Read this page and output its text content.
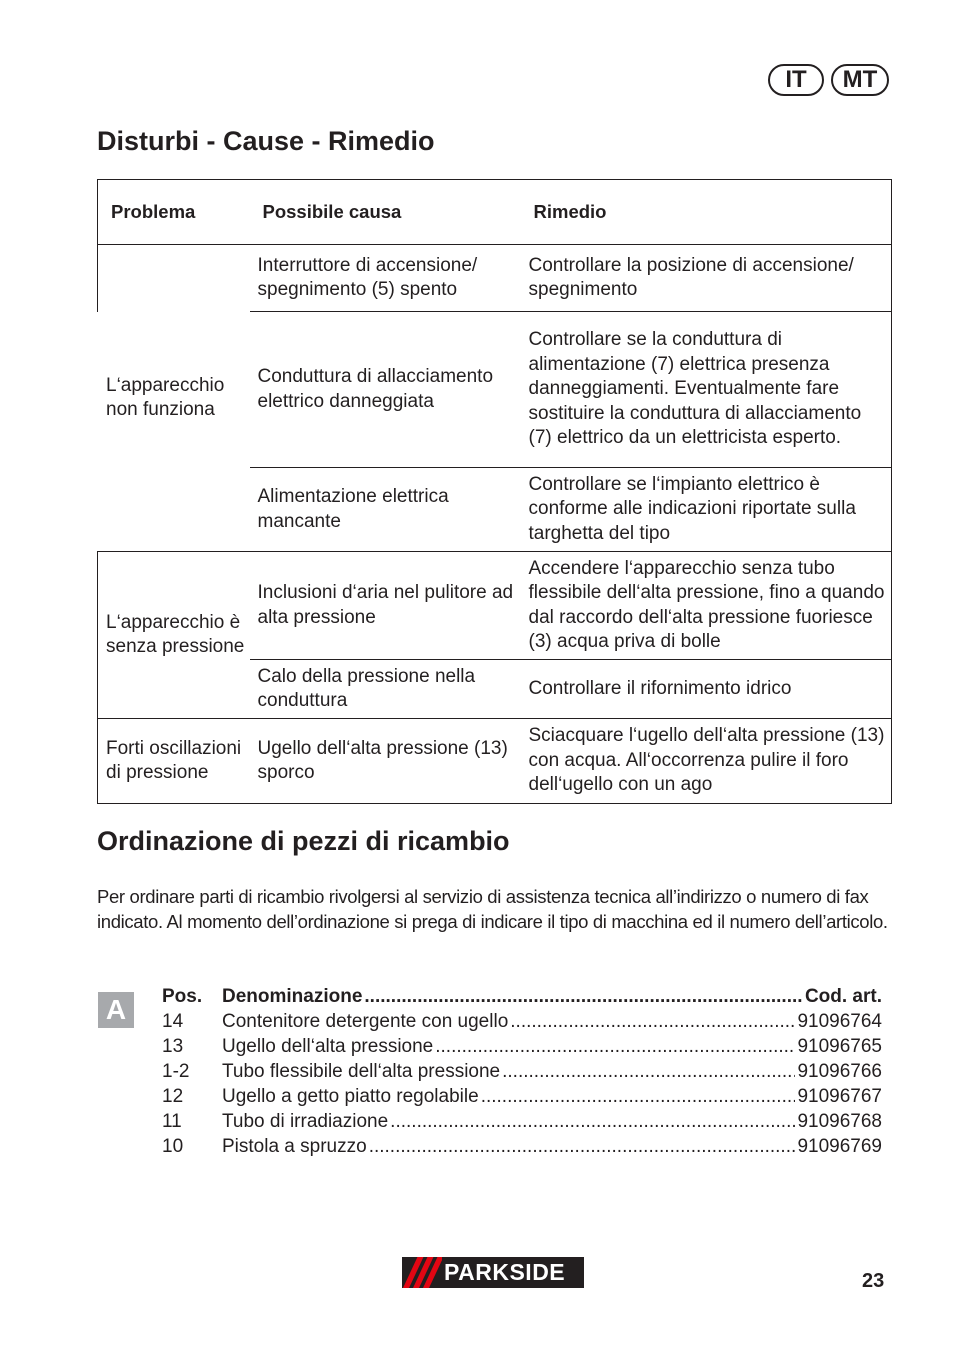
IT	MT
Disturbi - Cause - Rimedio
Problema	Possibile causa	Rimedio
L‘apparecchio non funziona	Interruttore di accensione/ spegnimento (5) spento	Controllare la posizione di accensione/ spegnimento
	Conduttura di allacciamento elettrico danneggiata	Controllare se la conduttura di alimentazione (7) elettrica presenza danneggiamenti. Eventualmente fare sostituire la conduttura di allacciamento (7) elettrico da un elettricista esperto.
	Alimentazione elettrica mancante	Controllare se l‘impianto elettrico è conforme alle indicazioni riportate sulla targhetta del tipo
L‘apparecchio è senza pressione	Inclusioni d‘aria nel pulitore ad alta pressione	Accendere l‘apparecchio senza tubo flessibile dell‘alta pressione, fino a quando dal raccordo dell‘alta pressione fuoriesce (3) acqua priva di bolle
	Calo della pressione nella conduttura	Controllare il rifornimento idrico
Forti oscillazioni di pressione	Ugello dell‘alta pressione (13) sporco	Sciacquare l‘ugello dell‘alta pressione (13) con acqua. All‘occorrenza pulire il foro dell‘ugello con un ago
Ordinazione di pezzi di ricambio

Per ordinare parti di ricambio rivolgersi al servizio di assistenza tecnica all’indirizzo o numero di fax indicato. Al momento dell’ordinazione si prega di indicare il tipo di macchina ed il numero dell’articolo.

A	Pos.	Denominazione .....	Cod. art.
14	Contenitore detergente con ugello .....	91096764
13	Ugello dell‘alta pressione .....	91096765
1-2	Tubo flessibile dell‘alta pressione .....	91096766
12	Ugello a getto piatto regolabile .....	91096767
11	Tubo di irradiazione .....	91096768
10	Pistola a spruzzo .....	91096769
PARKSIDE	23
